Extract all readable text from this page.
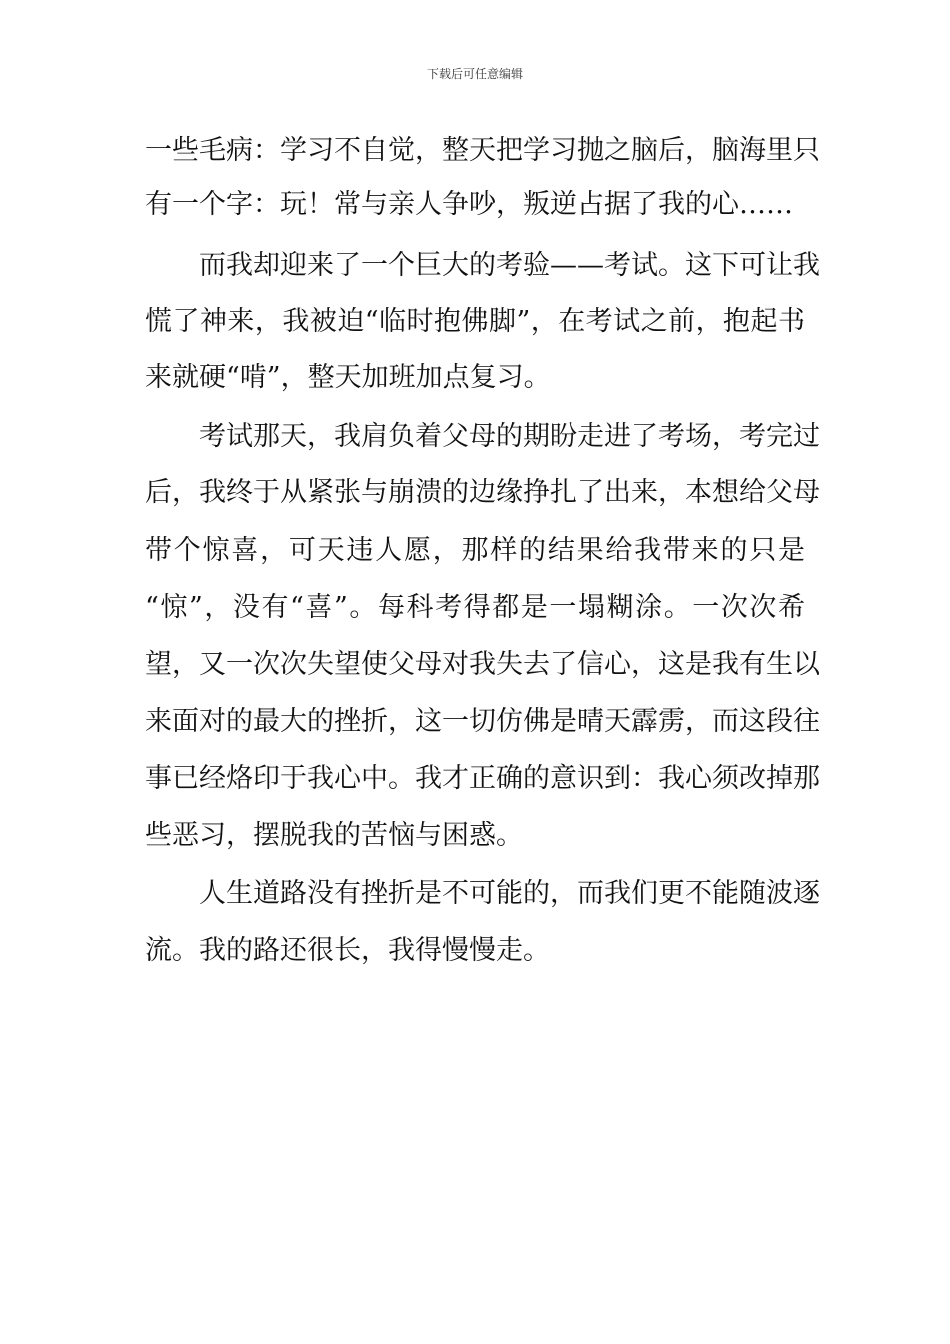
下载后可任意编辑
一些毛病：学习不自觉，整天把学习抛之脑后，脑海里只
有一个字：玩！常与亲人争吵，叛逆占据了我的心……
而我却迎来了一个巨大的考验——考试。这下可让我
慌了神来，我被迫“临时抱佛脚”，在考试之前，抱起书
来就硬“啃”，整天加班加点复习。
考试那天，我肩负着父母的期盼走进了考场，考完过
后，我终于从紧张与崩溃的边缘挣扎了出来，本想给父母
带个惊喜，可天违人愿，那样的结果给我带来的只是
“惊”，没有“喜”。每科考得都是一塌糊涂。一次次希
望，又一次次失望使父母对我失去了信心，这是我有生以
来面对的最大的挫折，这一切仿佛是晴天霹雳，而这段往
事已经烙印于我心中。我才正确的意识到：我心须改掉那
些恶习，摆脱我的苦恼与困惑。
人生道路没有挫折是不可能的，而我们更不能随波逐
流。我的路还很长，我得慢慢走。
